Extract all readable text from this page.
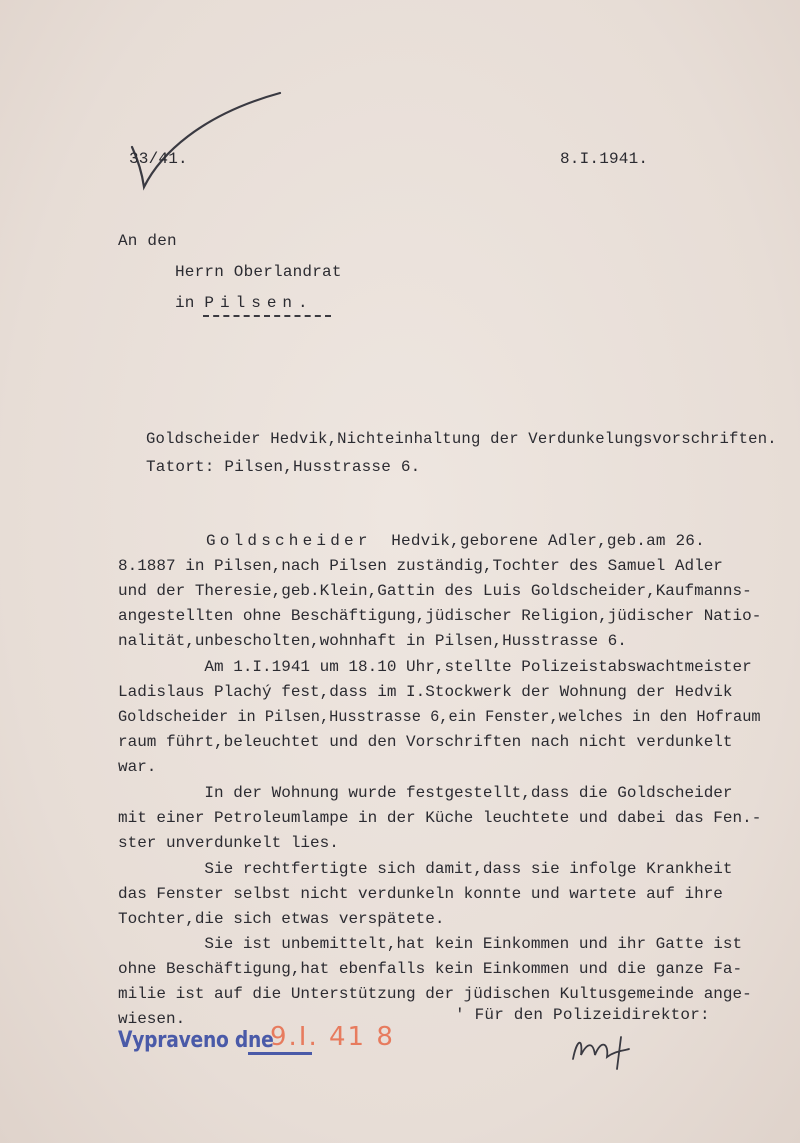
33/41.	8.I.1941.
An den
Herrn Oberlandrat
in Pilsen.
Goldscheider Hedvik,Nichteinhaltung der Verdunkelungsvorschriften.
Tatort: Pilsen,Husstrasse 6.
Goldscheider Hedvik,geborene Adler,geb.am 26.
8.1887 in Pilsen,nach Pilsen zuständig,Tochter des Samuel Adler
und der Theresie,geb.Klein,Gattin des Luis Goldscheider,Kaufmanns-
angestellten ohne Beschäftigung,jüdischer Religion,jüdischer Natio-
nalität,unbescholten,wohnhaft in Pilsen,Husstrasse 6.
Am 1.I.1941 um 18.10 Uhr,stellte Polizeistabswachtmeister
Ladislaus Plachý fest,dass im I.Stockwerk der Wohnung der Hedvik
Goldscheider in Pilsen,Husstrasse 6,ein Fenster,welches in den Hofraum
raum führt,beleuchtet und den Vorschriften nach nicht verdunkelt
war.
In der Wohnung wurde festgestellt,dass die Goldscheider
mit einer Petroleumlampe in der Küche leuchtete und dabei das Fen.-
ster unverdunkelt lies.
Sie rechtfertigte sich damit,dass sie infolge Krankheit
das Fenster selbst nicht verdunkeln konnte und wartete auf ihre
Tochter,die sich etwas verspätete.
Sie ist unbemittelt,hat kein Einkommen und ihr Gatte ist
ohne Beschäftigung,hat ebenfalls kein Einkommen und die ganze Fa-
milie ist auf die Unterstützung der jüdischen Kultusgemeinde ange-
wiesen.	' Für den Polizeidirektor:
Vypraveno dne
9.I. 41 8
